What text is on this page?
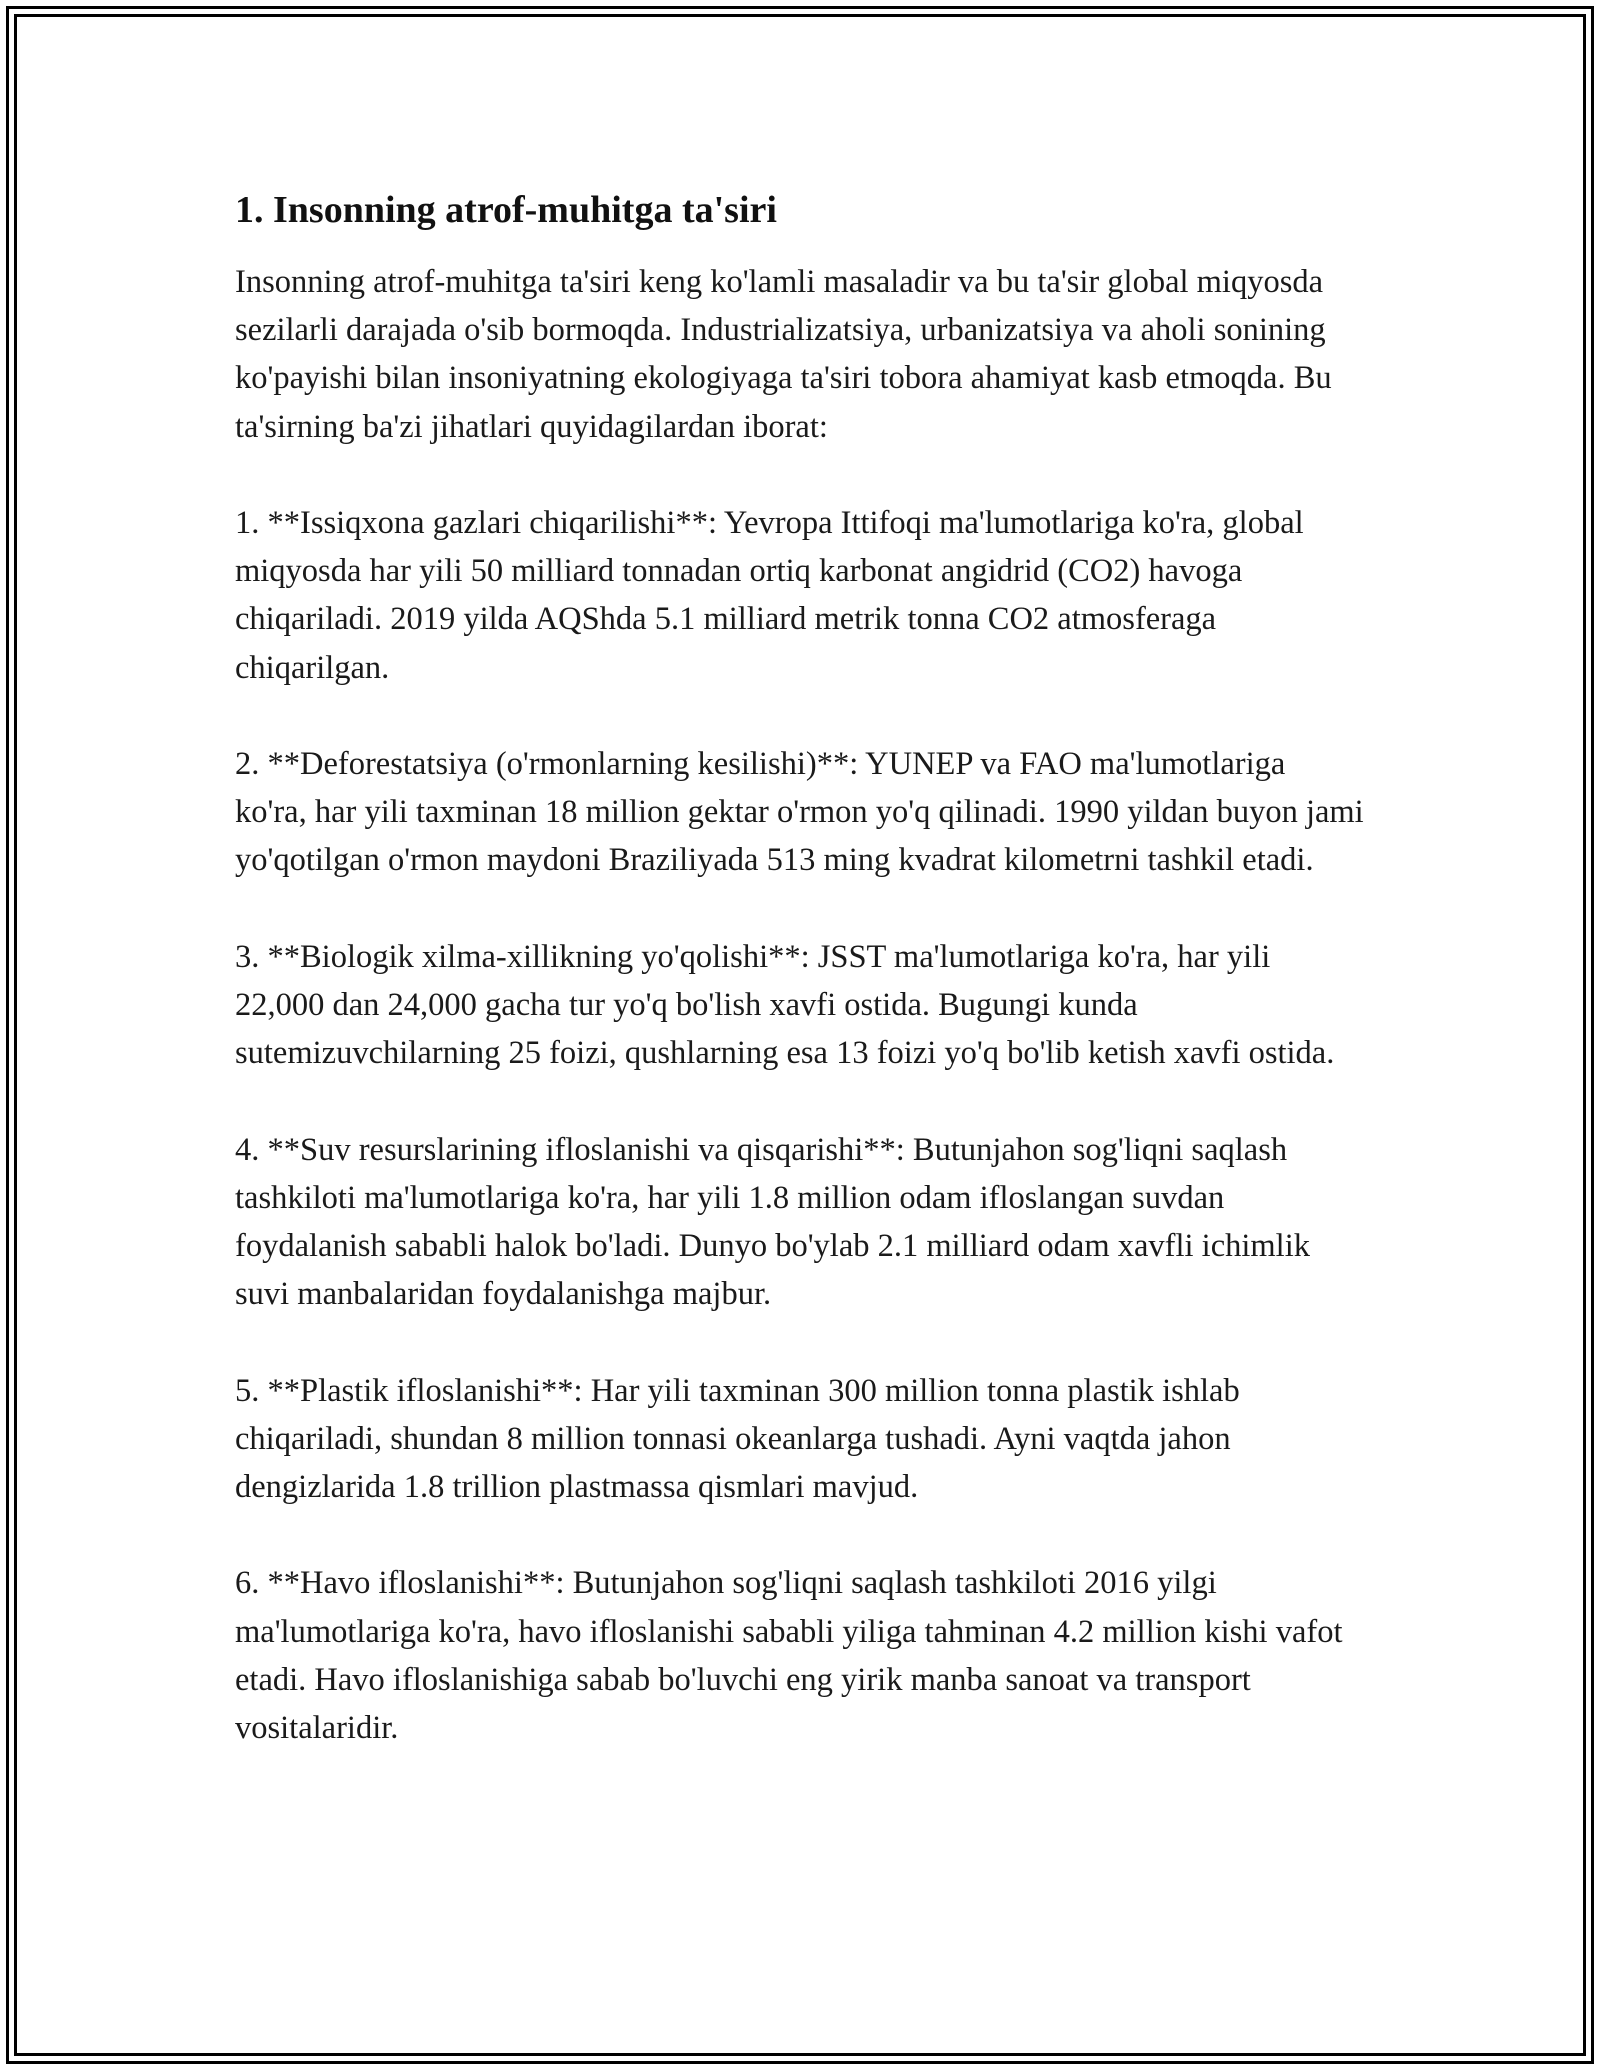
1. Insonning atrof-muhitga ta'siri

Insonning atrof-muhitga ta'siri keng ko'lamli masaladir va bu ta'sir global miqyosda sezilarli darajada o'sib bormoqda. Industrializatsiya, urbanizatsiya va aholi sonining ko'payishi bilan insoniyatning ekologiyaga ta'siri tobora ahamiyat kasb etmoqda. Bu ta'sirning ba'zi jihatlari quyidagilardan iborat:

1. **Issiqxona gazlari chiqarilishi**: Yevropa Ittifoqi ma'lumotlariga ko'ra, global miqyosda har yili 50 milliard tonnadan ortiq karbonat angidrid (CO2) havoga chiqariladi. 2019 yilda AQShda 5.1 milliard metrik tonna CO2 atmosferaga chiqarilgan.

2. **Deforestatsiya (o'rmonlarning kesilishi)**: YUNEP va FAO ma'lumotlariga ko'ra, har yili taxminan 18 million gektar o'rmon yo'q qilinadi. 1990 yildan buyon jami yo'qotilgan o'rmon maydoni Braziliyada 513 ming kvadrat kilometrni tashkil etadi.

3. **Biologik xilma-xillikning yo'qolishi**: JSST ma'lumotlariga ko'ra, har yili 22,000 dan 24,000 gacha tur yo'q bo'lish xavfi ostida. Bugungi kunda sutemizuvchilarning 25 foizi, qushlarning esa 13 foizi yo'q bo'lib ketish xavfi ostida.

4. **Suv resurslarining ifloslanishi va qisqarishi**: Butunjahon sog'liqni saqlash tashkiloti ma'lumotlariga ko'ra, har yili 1.8 million odam ifloslangan suvdan foydalanish sababli halok bo'ladi. Dunyo bo'ylab 2.1 milliard odam xavfli ichimlik suvi manbalaridan foydalanishga majbur.

5. **Plastik ifloslanishi**: Har yili taxminan 300 million tonna plastik ishlab chiqariladi, shundan 8 million tonnasi okeanlarga tushadi. Ayni vaqtda jahon dengizlarida 1.8 trillion plastmassa qismlari mavjud.

6. **Havo ifloslanishi**: Butunjahon sog'liqni saqlash tashkiloti 2016 yilgi ma'lumotlariga ko'ra, havo ifloslanishi sababli yiliga tahminan 4.2 million kishi vafot etadi. Havo ifloslanishiga sabab bo'luvchi eng yirik manba sanoat va transport vositalaridir.
